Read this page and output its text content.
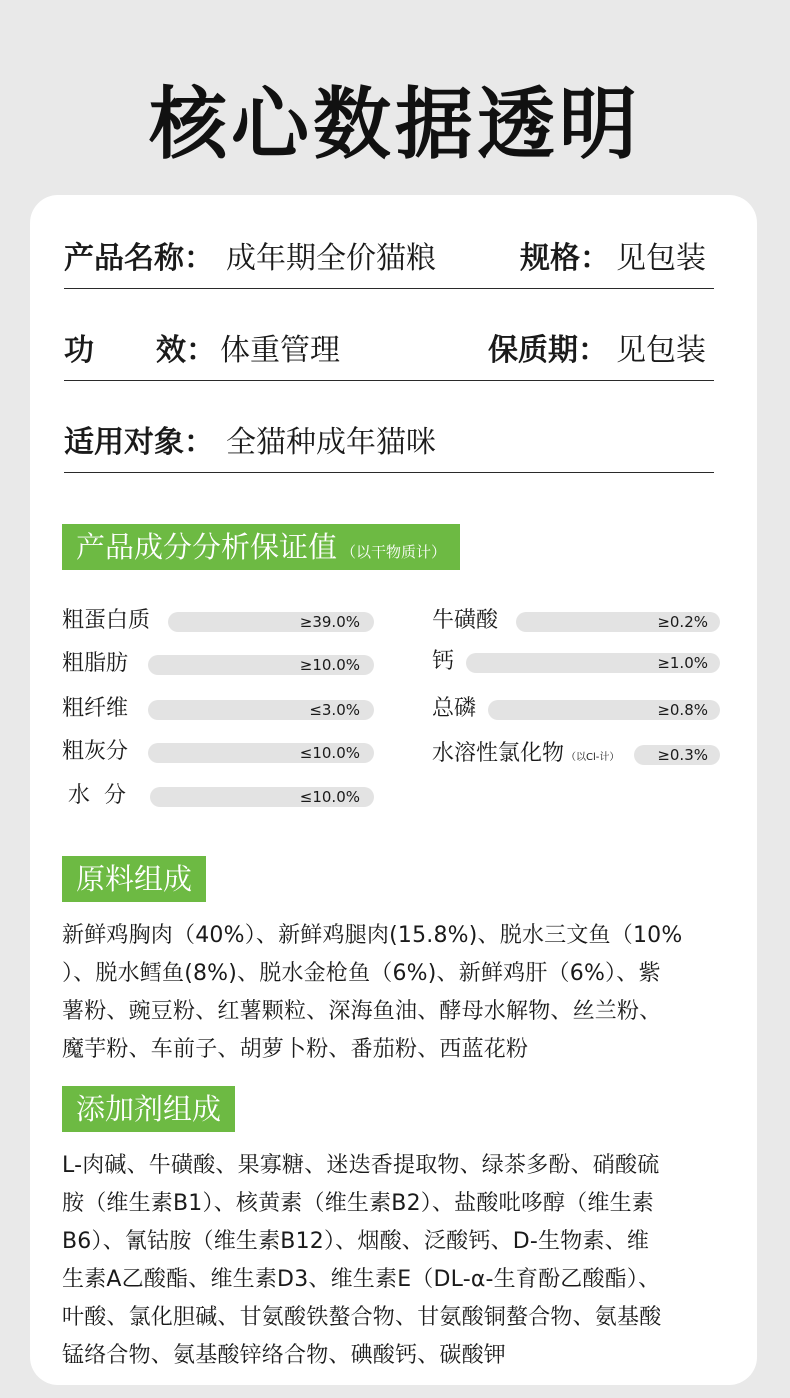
核心数据透明
产品名称： 成年期全价猫粮	规格： 见包装
功 效： 体重管理	保质期： 见包装
适用对象： 全猫种成年猫咪
产品成分分析保证值 （以干物质计）
粗蛋白质	≥39.0%
粗脂肪	≥10.0%
粗纤维	≤3.0%
粗灰分	≤10.0%
水  分	≤10.0%
牛磺酸	≥0.2%
钙	≥1.0%
总磷	≥0.8%
水溶性氯化物 （以Cl-计）	≥0.3%
原料组成
新鲜鸡胸肉（40%）、新鲜鸡腿肉(15.8%)、脱水三文鱼（10%
）、脱水鳕鱼(8%)、脱水金枪鱼（6%)、新鲜鸡肝（6%）、紫
薯粉、豌豆粉、红薯颗粒、深海鱼油、酵母水解物、丝兰粉、
魔芋粉、车前子、胡萝卜粉、番茄粉、西蓝花粉
添加剂组成
L-肉碱、牛磺酸、果寡糖、迷迭香提取物、绿茶多酚、硝酸硫
胺（维生素B1）、核黄素（维生素B2）、盐酸吡哆醇（维生素
B6）、氰钴胺（维生素B12）、烟酸、泛酸钙、D-生物素、维
生素A乙酸酯、维生素D3、维生素E（DL-α-生育酚乙酸酯）、
叶酸、氯化胆碱、甘氨酸铁螯合物、甘氨酸铜螯合物、氨基酸
锰络合物、氨基酸锌络合物、碘酸钙、碳酸钾
